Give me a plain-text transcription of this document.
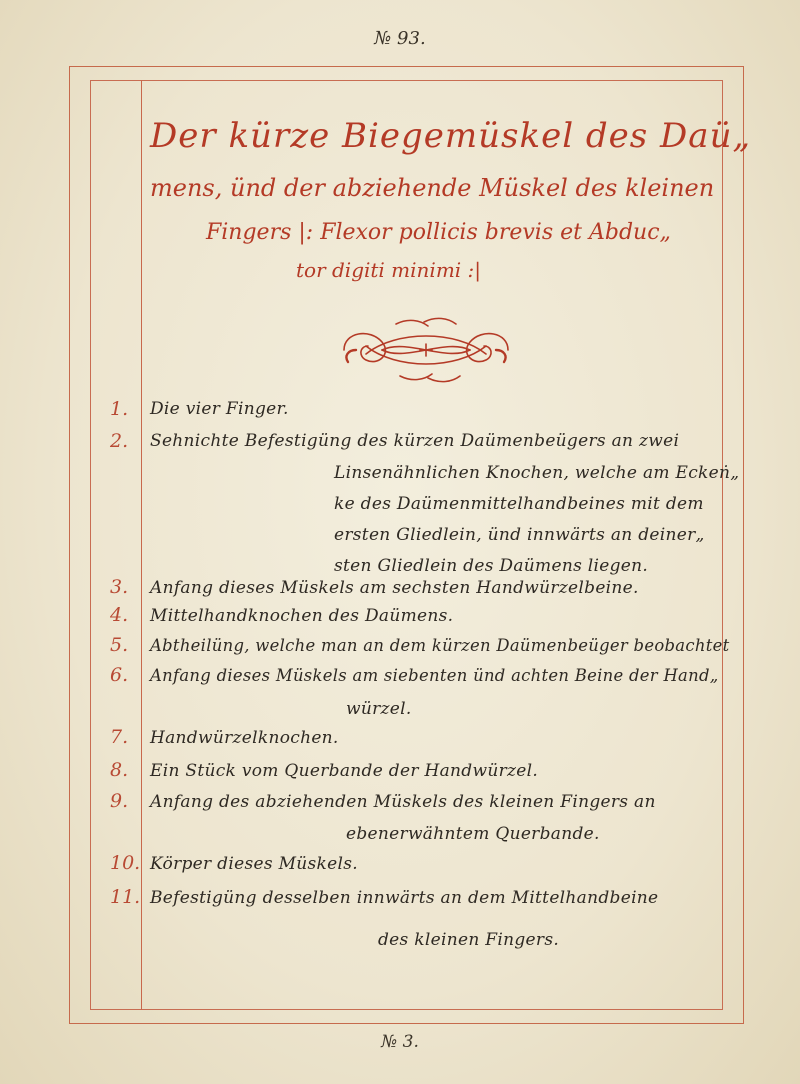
№ 93.
Der kürze Biegemüskel des Daü„
mens, ünd der abziehende Müskel des kleinen
Fingers |: Flexor pollicis brevis et Abduc„
tor digiti minimi :|
1.	Die vier Finger.
2.	Sehnichte Befestigüng des kürzen Daümenbeügers an zwei
Linsenähnlichen Knochen, welche am Eckeṅ„
ke des Daümenmittelhandbeines mit dem
ersten Gliedlein, ünd innwärts an deiner„
sten Gliedlein des Daümens liegen.
3.	Anfang dieses Müskels am sechsten Handwürzelbeine.
4.	Mittelhandknochen des Daümens.
5.	Abtheilüng, welche man an dem kürzen Daümenbeüger beobachtet
6.	Anfang dieses Müskels am siebenten ünd achten Beine der Hand„
würzel.
7.	Handwürzelknochen.
8.	Ein Stück vom Querbande der Handwürzel.
9.	Anfang des abziehenden Müskels des kleinen Fingers an
ebenerwähntem Querbande.
10. Körper dieses Müskels.
11. Befestigüng desselben innwärts an dem Mittelhandbeine
des kleinen Fingers.
№ 3.
